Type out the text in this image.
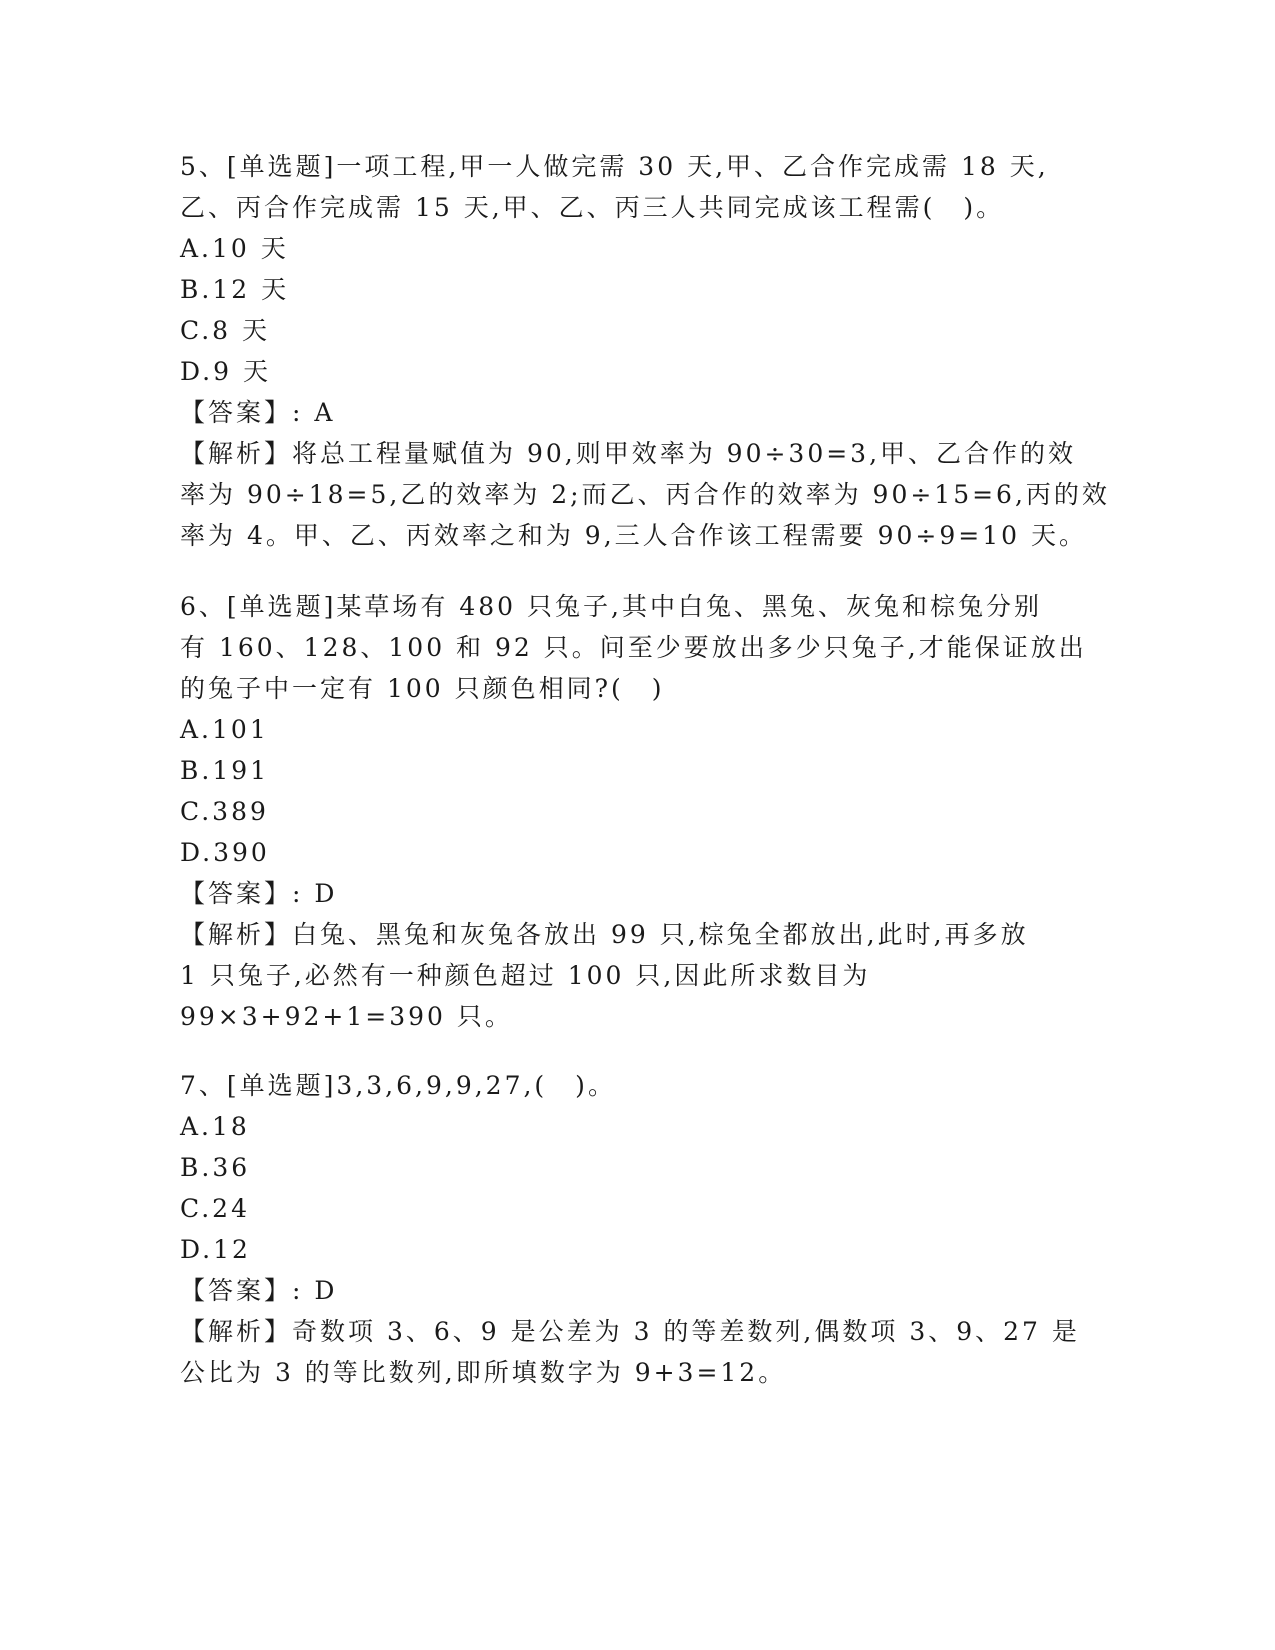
5、[单选题]一项工程,甲一人做完需 30 天,甲、乙合作完成需 18 天,
乙、丙合作完成需 15 天,甲、乙、丙三人共同完成该工程需(　)。
A.10 天
B.12 天
C.8 天
D.9 天
【答案】: A
【解析】将总工程量赋值为 90,则甲效率为 90÷30=3,甲、乙合作的效
率为 90÷18=5,乙的效率为 2;而乙、丙合作的效率为 90÷15=6,丙的效
率为 4。甲、乙、丙效率之和为 9,三人合作该工程需要 90÷9=10 天。
6、[单选题]某草场有 480 只兔子,其中白兔、黑兔、灰兔和棕兔分别
有 160、128、100 和 92 只。问至少要放出多少只兔子,才能保证放出
的兔子中一定有 100 只颜色相同?(　)
A.101
B.191
C.389
D.390
【答案】: D
【解析】白兔、黑兔和灰兔各放出 99 只,棕兔全都放出,此时,再多放
1 只兔子,必然有一种颜色超过 100 只,因此所求数目为
99×3+92+1=390 只。
7、[单选题]3,3,6,9,9,27,(　)。
A.18
B.36
C.24
D.12
【答案】: D
【解析】奇数项 3、6、9 是公差为 3 的等差数列,偶数项 3、9、27 是
公比为 3 的等比数列,即所填数字为 9+3=12。
